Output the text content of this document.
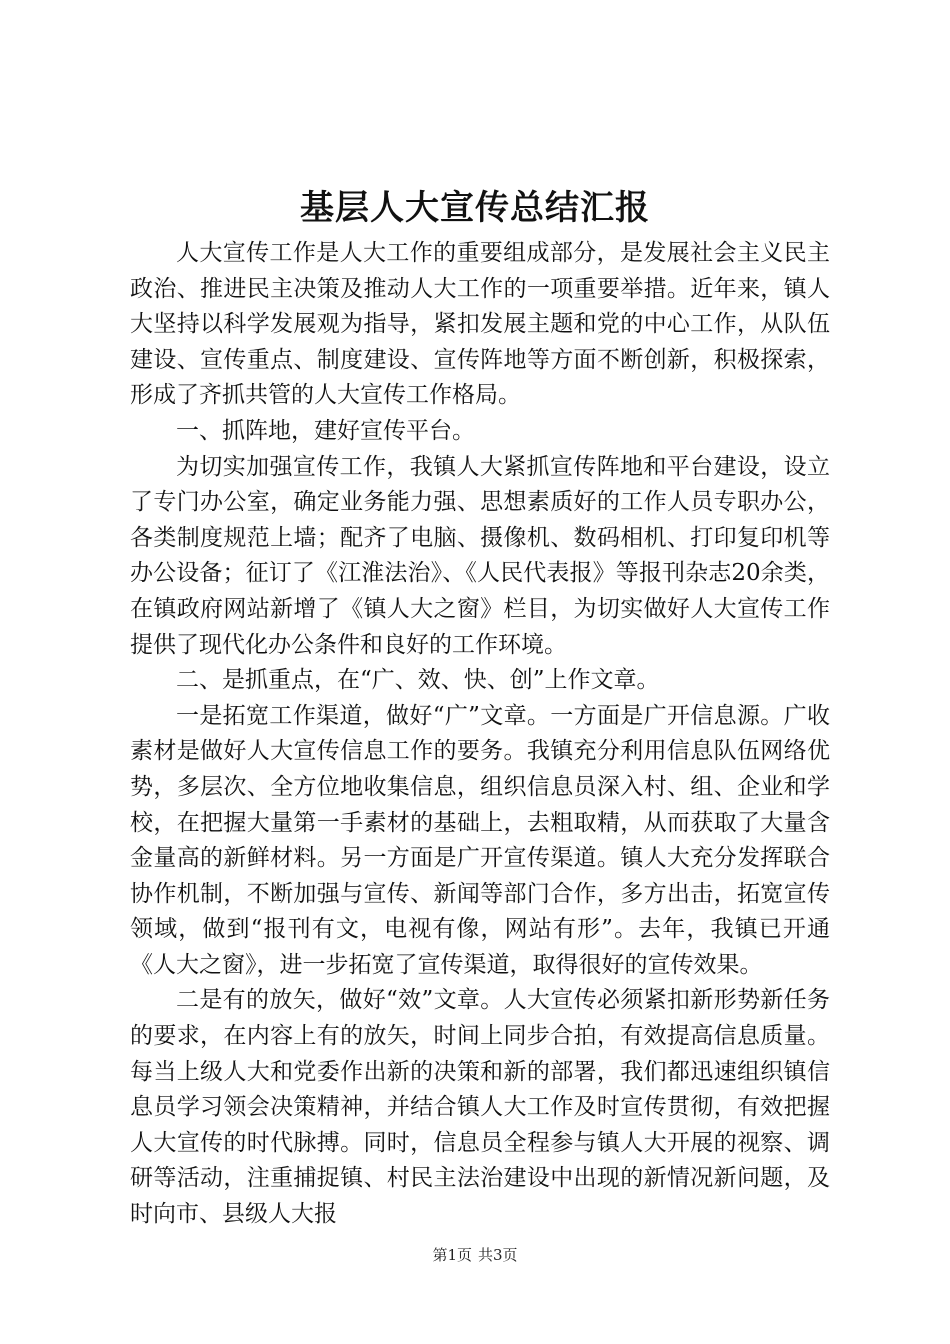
基层人大宣传总结汇报

人大宣传工作是人大工作的重要组成部分，是发展社会主义民主政治、推进民主决策及推动人大工作的一项重要举措。近年来，镇人大坚持以科学发展观为指导，紧扣发展主题和党的中心工作，从队伍建设、宣传重点、制度建设、宣传阵地等方面不断创新，积极探索，形成了齐抓共管的人大宣传工作格局。

一、抓阵地，建好宣传平台。

为切实加强宣传工作，我镇人大紧抓宣传阵地和平台建设，设立了专门办公室，确定业务能力强、思想素质好的工作人员专职办公，各类制度规范上墙；配齐了电脑、摄像机、数码相机、打印复印机等办公设备；征订了《江淮法治》、《人民代表报》等报刊杂志20余类，在镇政府网站新增了《镇人大之窗》栏目，为切实做好人大宣传工作提供了现代化办公条件和良好的工作环境。

二、是抓重点，在“广、效、快、创”上作文章。

一是拓宽工作渠道，做好“广”文章。一方面是广开信息源。广收素材是做好人大宣传信息工作的要务。我镇充分利用信息队伍网络优势，多层次、全方位地收集信息，组织信息员深入村、组、企业和学校，在把握大量第一手素材的基础上，去粗取精，从而获取了大量含金量高的新鲜材料。另一方面是广开宣传渠道。镇人大充分发挥联合协作机制，不断加强与宣传、新闻等部门合作，多方出击，拓宽宣传领域，做到“报刊有文，电视有像，网站有形”。去年，我镇已开通《人大之窗》，进一步拓宽了宣传渠道，取得很好的宣传效果。

二是有的放矢，做好“效”文章。人大宣传必须紧扣新形势新任务的要求，在内容上有的放矢，时间上同步合拍，有效提高信息质量。每当上级人大和党委作出新的决策和新的部署，我们都迅速组织镇信息员学习领会决策精神，并结合镇人大工作及时宣传贯彻，有效把握人大宣传的时代脉搏。同时，信息员全程参与镇人大开展的视察、调研等活动，注重捕捉镇、村民主法治建设中出现的新情况新问题，及时向市、县级人大报

第1页 共3页
